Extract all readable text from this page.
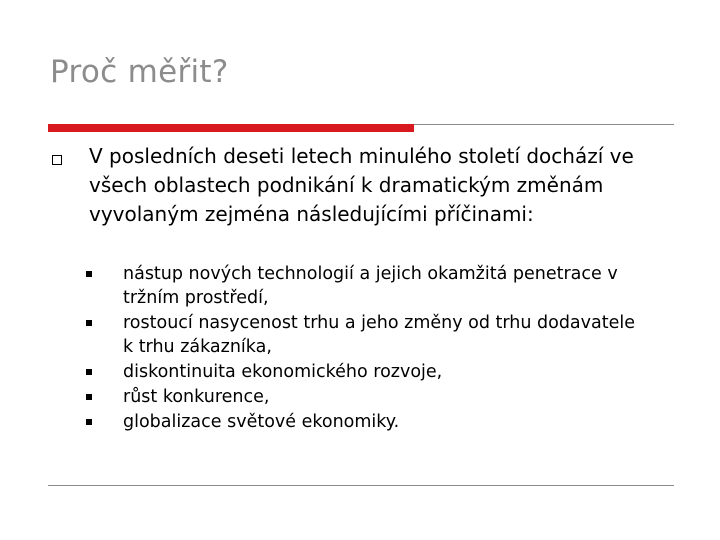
Proč měřit?

V posledních deseti letech minulého století dochází ve všech oblastech podnikání k dramatickým změnám vyvolaným zejména následujícími příčinami:

nástup nových technologií a jejich okamžitá penetrace v tržním prostředí,
rostoucí nasycenost trhu a jeho změny od trhu dodavatele k trhu zákazníka,
diskontinuita ekonomického rozvoje,
růst konkurence,
globalizace světové ekonomiky.
